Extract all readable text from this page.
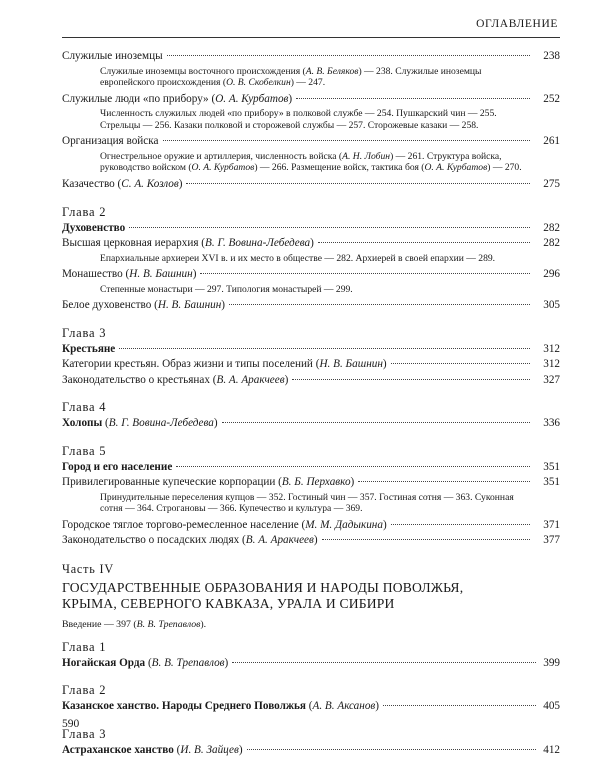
ОГЛАВЛЕНИЕ
Служилые иноземцы	238
Служилые иноземцы восточного происхождения (А. В. Беляков) — 238. Служилые иноземцы европейского происхождения (О. В. Скобелкин) — 247.
Служилые люди «по прибору» (О. А. Курбатов)	252
Численность служилых людей «по прибору» в полковой службе — 254. Пушкарский чин — 255. Стрельцы — 256. Казаки полковой и сторожевой службы — 257. Сторожевые казаки — 258.
Организация войска	261
Огнестрельное оружие и артиллерия, численность войска (А. Н. Лобин) — 261. Структура войска, руководство войском (О. А. Курбатов) — 266. Размещение войск, тактика боя (О. А. Курбатов) — 270.
Казачество (С. А. Козлов)	275
Глава 2
Духовенство	282
Высшая церковная иерархия (В. Г. Вовина-Лебедева)	282
Епархиальные архиереи XVI в. и их место в обществе — 282. Архиерей в своей епархии — 289.
Монашество (Н. В. Башнин)	296
Степенные монастыри — 297. Типология монастырей — 299.
Белое духовенство (Н. В. Башнин)	305
Глава 3
Крестьяне	312
Категории крестьян. Образ жизни и типы поселений (Н. В. Башнин)	312
Законодательство о крестьянах (В. А. Аракчеев)	327
Глава 4
Холопы (В. Г. Вовина-Лебедева)	336
Глава 5
Город и его население	351
Привилегированные купеческие корпорации (В. Б. Перхавко)	351
Принудительные переселения купцов — 352. Гостиный чин — 357. Гостиная сотня — 363. Суконная сотня — 364. Строгановы — 366. Купечество и культура — 369.
Городское тяглое торгово-ремесленное население (М. М. Дадыкина)	371
Законодательство о посадских людях (В. А. Аракчеев)	377
Часть IV
ГОСУДАРСТВЕННЫЕ ОБРАЗОВАНИЯ И НАРОДЫ ПОВОЛЖЬЯ, КРЫМА, СЕВЕРНОГО КАВКАЗА, УРАЛА И СИБИРИ
Введение — 397 (В. В. Трепавлов).
Глава 1
Ногайская Орда (В. В. Трепавлов)	399
Глава 2
Казанское ханство. Народы Среднего Поволжья (А. В. Аксанов)	405
Глава 3
Астраханское ханство (И. В. Зайцев)	412
590
